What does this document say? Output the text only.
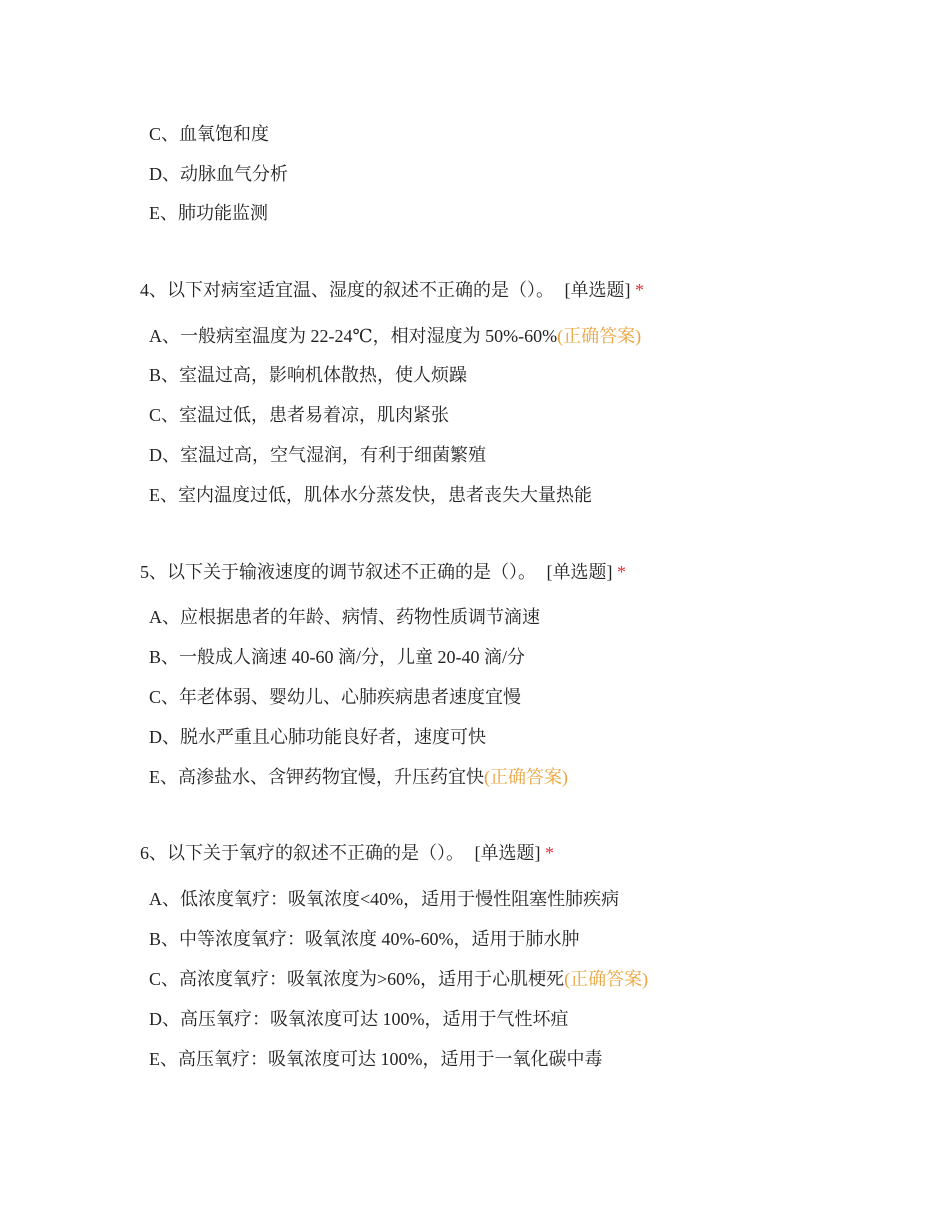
C、血氧饱和度
D、动脉血气分析
E、肺功能监测
4、以下对病室适宜温、湿度的叙述不正确的是（）。 [单选题] *
A、一般病室温度为 22-24℃，相对湿度为 50%-60%(正确答案)
B、室温过高，影响机体散热，使人烦躁
C、室温过低，患者易着凉，肌肉紧张
D、室温过高，空气湿润，有利于细菌繁殖
E、室内温度过低，肌体水分蒸发快，患者丧失大量热能
5、以下关于输液速度的调节叙述不正确的是（）。 [单选题] *
A、应根据患者的年龄、病情、药物性质调节滴速
B、一般成人滴速 40-60 滴/分，儿童 20-40 滴/分
C、年老体弱、婴幼儿、心肺疾病患者速度宜慢
D、脱水严重且心肺功能良好者，速度可快
E、高渗盐水、含钾药物宜慢，升压药宜快(正确答案)
6、以下关于氧疗的叙述不正确的是（）。 [单选题] *
A、低浓度氧疗：吸氧浓度<40%，适用于慢性阻塞性肺疾病
B、中等浓度氧疗：吸氧浓度 40%-60%，适用于肺水肿
C、高浓度氧疗：吸氧浓度为>60%，适用于心肌梗死(正确答案)
D、高压氧疗：吸氧浓度可达 100%，适用于气性坏疽
E、高压氧疗：吸氧浓度可达 100%，适用于一氧化碳中毒
